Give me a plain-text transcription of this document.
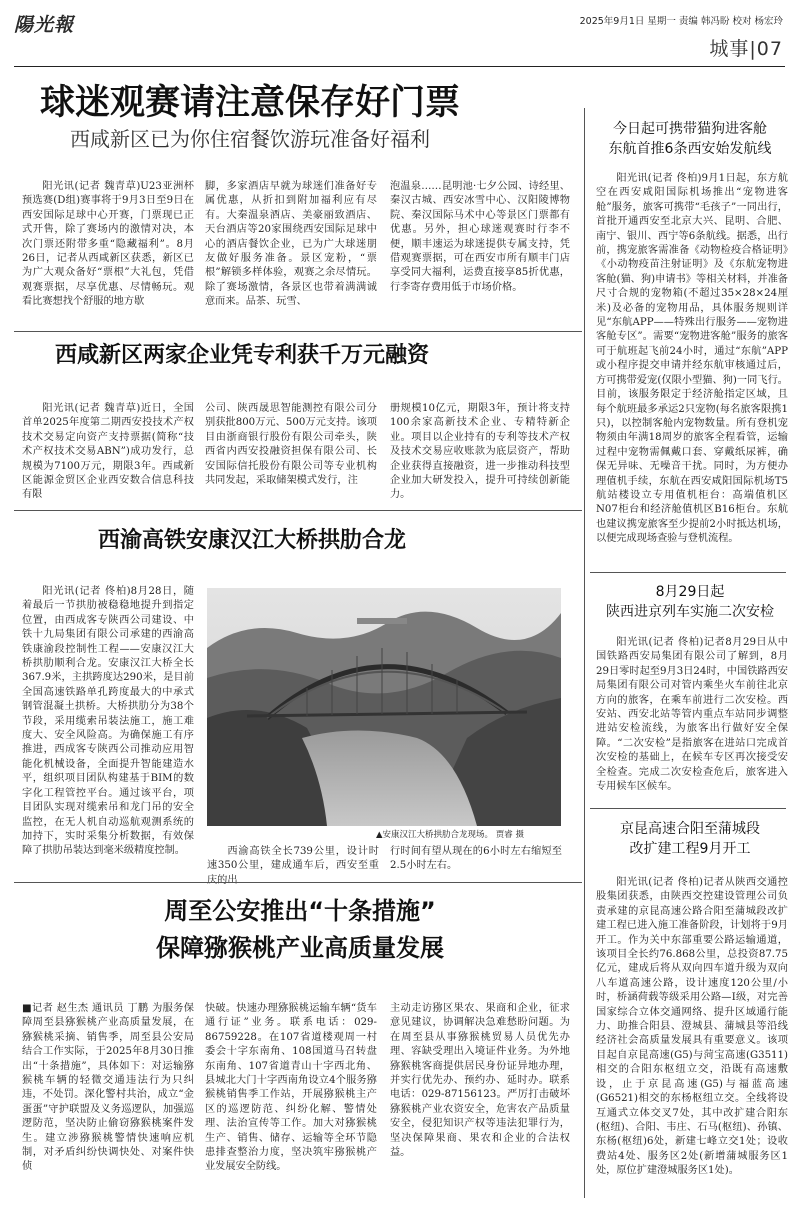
陽光報	2025年9月1日 星期一 责编 韩冯盼 校对 杨宏玲
城事|07
球迷观赛请注意保存好门票
西咸新区已为你住宿餐饮游玩准备好福利

阳光讯(记者 魏青草)U23亚洲杯预选赛(D组)赛事将于9月3日至9日在西安国际足球中心开赛，门票现已正式开售，除了赛场内的激情对决，本次门票还附带多重“隐藏福利”。8月26日，记者从西咸新区获悉，新区已为广大观众备好“票根”大礼包，凭借观赛票据，尽享优惠、尽情畅玩。观看比赛想找个舒服的地方歇

脚，多家酒店早就为球迷们准备好专属优惠，从折扣到附加福利应有尽有。大秦温泉酒店、美豪丽致酒店、天台酒店等20家围绕西安国际足球中心的酒店餐饮企业，已为广大球迷朋友做好服务准备。景区宠粉，“票根”解锁多样体验，观赛之余尽情玩。除了赛场激情，各景区也带着满满诚意而来。品茶、玩雪、

泡温泉……昆明池·七夕公园、诗经里、秦汉古城、西安冰雪中心、汉阳陵博物院、秦汉国际马术中心等景区门票都有优惠。另外，担心球迷观赛时行李不便，顺丰速运为球迷提供专属支持，凭借观赛票据，可在西安市所有顺丰门店享受同大福利，运费直接享85折优惠，行李寄存费用低于市场价格。

西咸新区两家企业凭专利获千万元融资

阳光讯(记者 魏青草)近日，全国首单2025年度第二期西安投技术产权技术交易定向资产支持票据(简称“技术产权技术交易ABN”)成功发行，总规模为7100万元，期限3年。西咸新区能源金贸区企业西安数合信息科技有限

公司、陕西晟思智能测控有限公司分别获批800万元、500万元支持。该项目由浙商银行股份有限公司牵头，陕西省内西安投融资担保有限公司、长安国际信托股份有限公司等专业机构共同发起，采取储架模式发行，注

册规模10亿元，期限3年，预计将支持100余家高新技术企业、专精特新企业。项目以企业持有的专利等技术产权及技术交易应收账款为底层资产，帮助企业获得直接融资，进一步推动科技型企业加大研发投入，提升可持续创新能力。

西渝高铁安康汉江大桥拱肋合龙

阳光讯(记者 佟柏)8月28日，随着最后一节拱肋被稳稳地提升到指定位置，由西成客专陕西公司建设、中铁十九局集团有限公司承建的西渝高铁康渝段控制性工程——安康汉江大桥拱肋顺利合龙。安康汉江大桥全长367.9米，主拱跨度达290米，是目前全国高速铁路单孔跨度最大的中承式钢管混凝土拱桥。大桥拱肋分为38个节段，采用缆索吊装法施工，施工难度大、安全风险高。为确保施工有序推进，西成客专陕西公司推动应用智能化机械设备，全面提升智能建造水平，组织项目团队构建基于BIM的数字化工程管控平台。通过该平台，项目团队实现对缆索吊和龙门吊的安全监控，在无人机自动巡航观测系统的加持下，实时采集分析数据，有效保障了拱肋吊装达到毫米级精度控制。

▲安康汉江大桥拱肋合龙现场。 贾睿 摄

西渝高铁全长739公里，设计时速350公里，建成通车后，西安至重庆的出

行时间有望从现在的6小时左右缩短至2.5小时左右。

周至公安推出“十条措施”
保障猕猴桃产业高质量发展

■记者 赵生杰 通讯员 丁鹏 为服务保障周至县猕猴桃产业高质量发展，在猕猴桃采摘、销售季，周至县公安局结合工作实际，于2025年8月30日推出“十条措施”，具体如下：对运输猕猴桃车辆的轻微交通违法行为只纠违，不处罚。深化警村共治，成立“金蛋蛋”守护联盟及义务巡逻队，加强巡逻防范，坚决防止偷窃猕猴桃案件发生。建立涉猕猴桃警情快速响应机制，对矛盾纠纷快调快处、对案件快侦

快破。快速办理猕猴桃运输车辆“货车通行证”业务。联系电话：029-86759228。在107省道楼观周一村委会十字东南角、108国道马召转盘东南角、107省道青山十字西北角、县城北大门十字西南角设立4个服务猕猴桃销售季工作站，开展猕猴桃主产区的巡逻防范、纠纷化解、警情处理、法治宣传等工作。加大对猕猴桃生产、销售、储存、运输等全环节隐患排查整治力度，坚决筑牢猕猴桃产业发展安全防线。

主动走访猕区果农、果商和企业，征求意见建议，协调解决急难愁盼问题。为在周至县从事猕猴桃贸易人员优先办理、容缺受理出入境证件业务。为外地猕猴桃客商提供居民身份证异地办理，并实行优先办、预约办、延时办。联系电话：029-87156123。严厉打击破坏猕猴桃产业农资安全，危害农产品质量安全，侵犯知识产权等违法犯罪行为，坚决保障果商、果农和企业的合法权益。

今日起可携带猫狗进客舱
东航首推6条西安始发航线

阳光讯(记者 佟柏)9月1日起，东方航空在西安咸阳国际机场推出“宠物进客舱”服务，旅客可携带“毛孩子”一同出行，首批开通西安至北京大兴、昆明、合肥、南宁、银川、西宁等6条航线。据悉，出行前，携宠旅客需准备《动物检疫合格证明》《小动物疫苗注射证明》及《东航宠物进客舱(猫、狗)申请书》等相关材料，并准备尺寸合规的宠物箱(不超过35×28×24厘米)及必备的宠物用品，具体服务规则详见“东航APP——特殊出行服务——宠物进客舱专区”。需要“宠物进客舱”服务的旅客可于航班起飞前24小时，通过“东航”APP或小程序提交申请并经东航审核通过后，方可携带爱宠(仅限小型猫、狗)一同飞行。目前，该服务限定于经济舱指定区域，且每个航班最多承运2只宠物(每名旅客限携1只)，以控制客舱内宠物数量。所有登机宠物须由年满18周岁的旅客全程看管，运输过程中宠物需佩戴口套、穿戴纸尿裤，确保无异味、无噪音干扰。同时，为方便办理值机手续，东航在西安咸阳国际机场T5航站楼设立专用值机柜台：高端值机区N07柜台和经济舱值机区B16柜台。东航也建议携宠旅客至少提前2小时抵达机场，以便完成现场查验与登机流程。

8月29日起
陕西进京列车实施二次安检

阳光讯(记者 佟柏)记者8月29日从中国铁路西安局集团有限公司了解到，8月29日零时起至9月3日24时，中国铁路西安局集团有限公司对管内乘坐火车前往北京方向的旅客，在乘车前进行二次安检。西安站、西安北站等管内重点车站同步调整进站安检流线，为旅客出行做好安全保障。“二次安检”是指旅客在进站口完成首次安检的基础上，在候车专区再次接受安全检查。完成二次安检查危后，旅客进入专用候车区候车。

京昆高速合阳至蒲城段
改扩建工程9月开工

阳光讯(记者 佟柏)记者从陕西交通控股集团获悉，由陕西交控建设管理公司负责承建的京昆高速公路合阳至蒲城段改扩建工程已进入施工准备阶段，计划将于9月开工。作为关中东部重要公路运输通道，该项目全长约76.868公里，总投资87.75亿元，建成后将从双向四车道升级为双向八车道高速公路，设计速度120公里/小时，桥涵荷载等级采用公路—Ⅰ级，对完善国家综合立体交通网络、提升区域通行能力、助推合阳县、澄城县、蒲城县等沿线经济社会高质量发展具有重要意义。该项目起自京昆高速(G5)与菏宝高速(G3511)相交的合阳东枢纽立交，沿既有高速敷设，止于京昆高速(G5)与福蓝高速(G6521)相交的东杨枢纽立交。全线将设互通式立体交叉7处，其中改扩建合阳东(枢纽)、合阳、韦庄、石马(枢纽)、孙镇、东杨(枢纽)6处，新建七峰立交1处；设收费站4处、服务区2处(新增蒲城服务区1处，原位扩建澄城服务区1处)。
